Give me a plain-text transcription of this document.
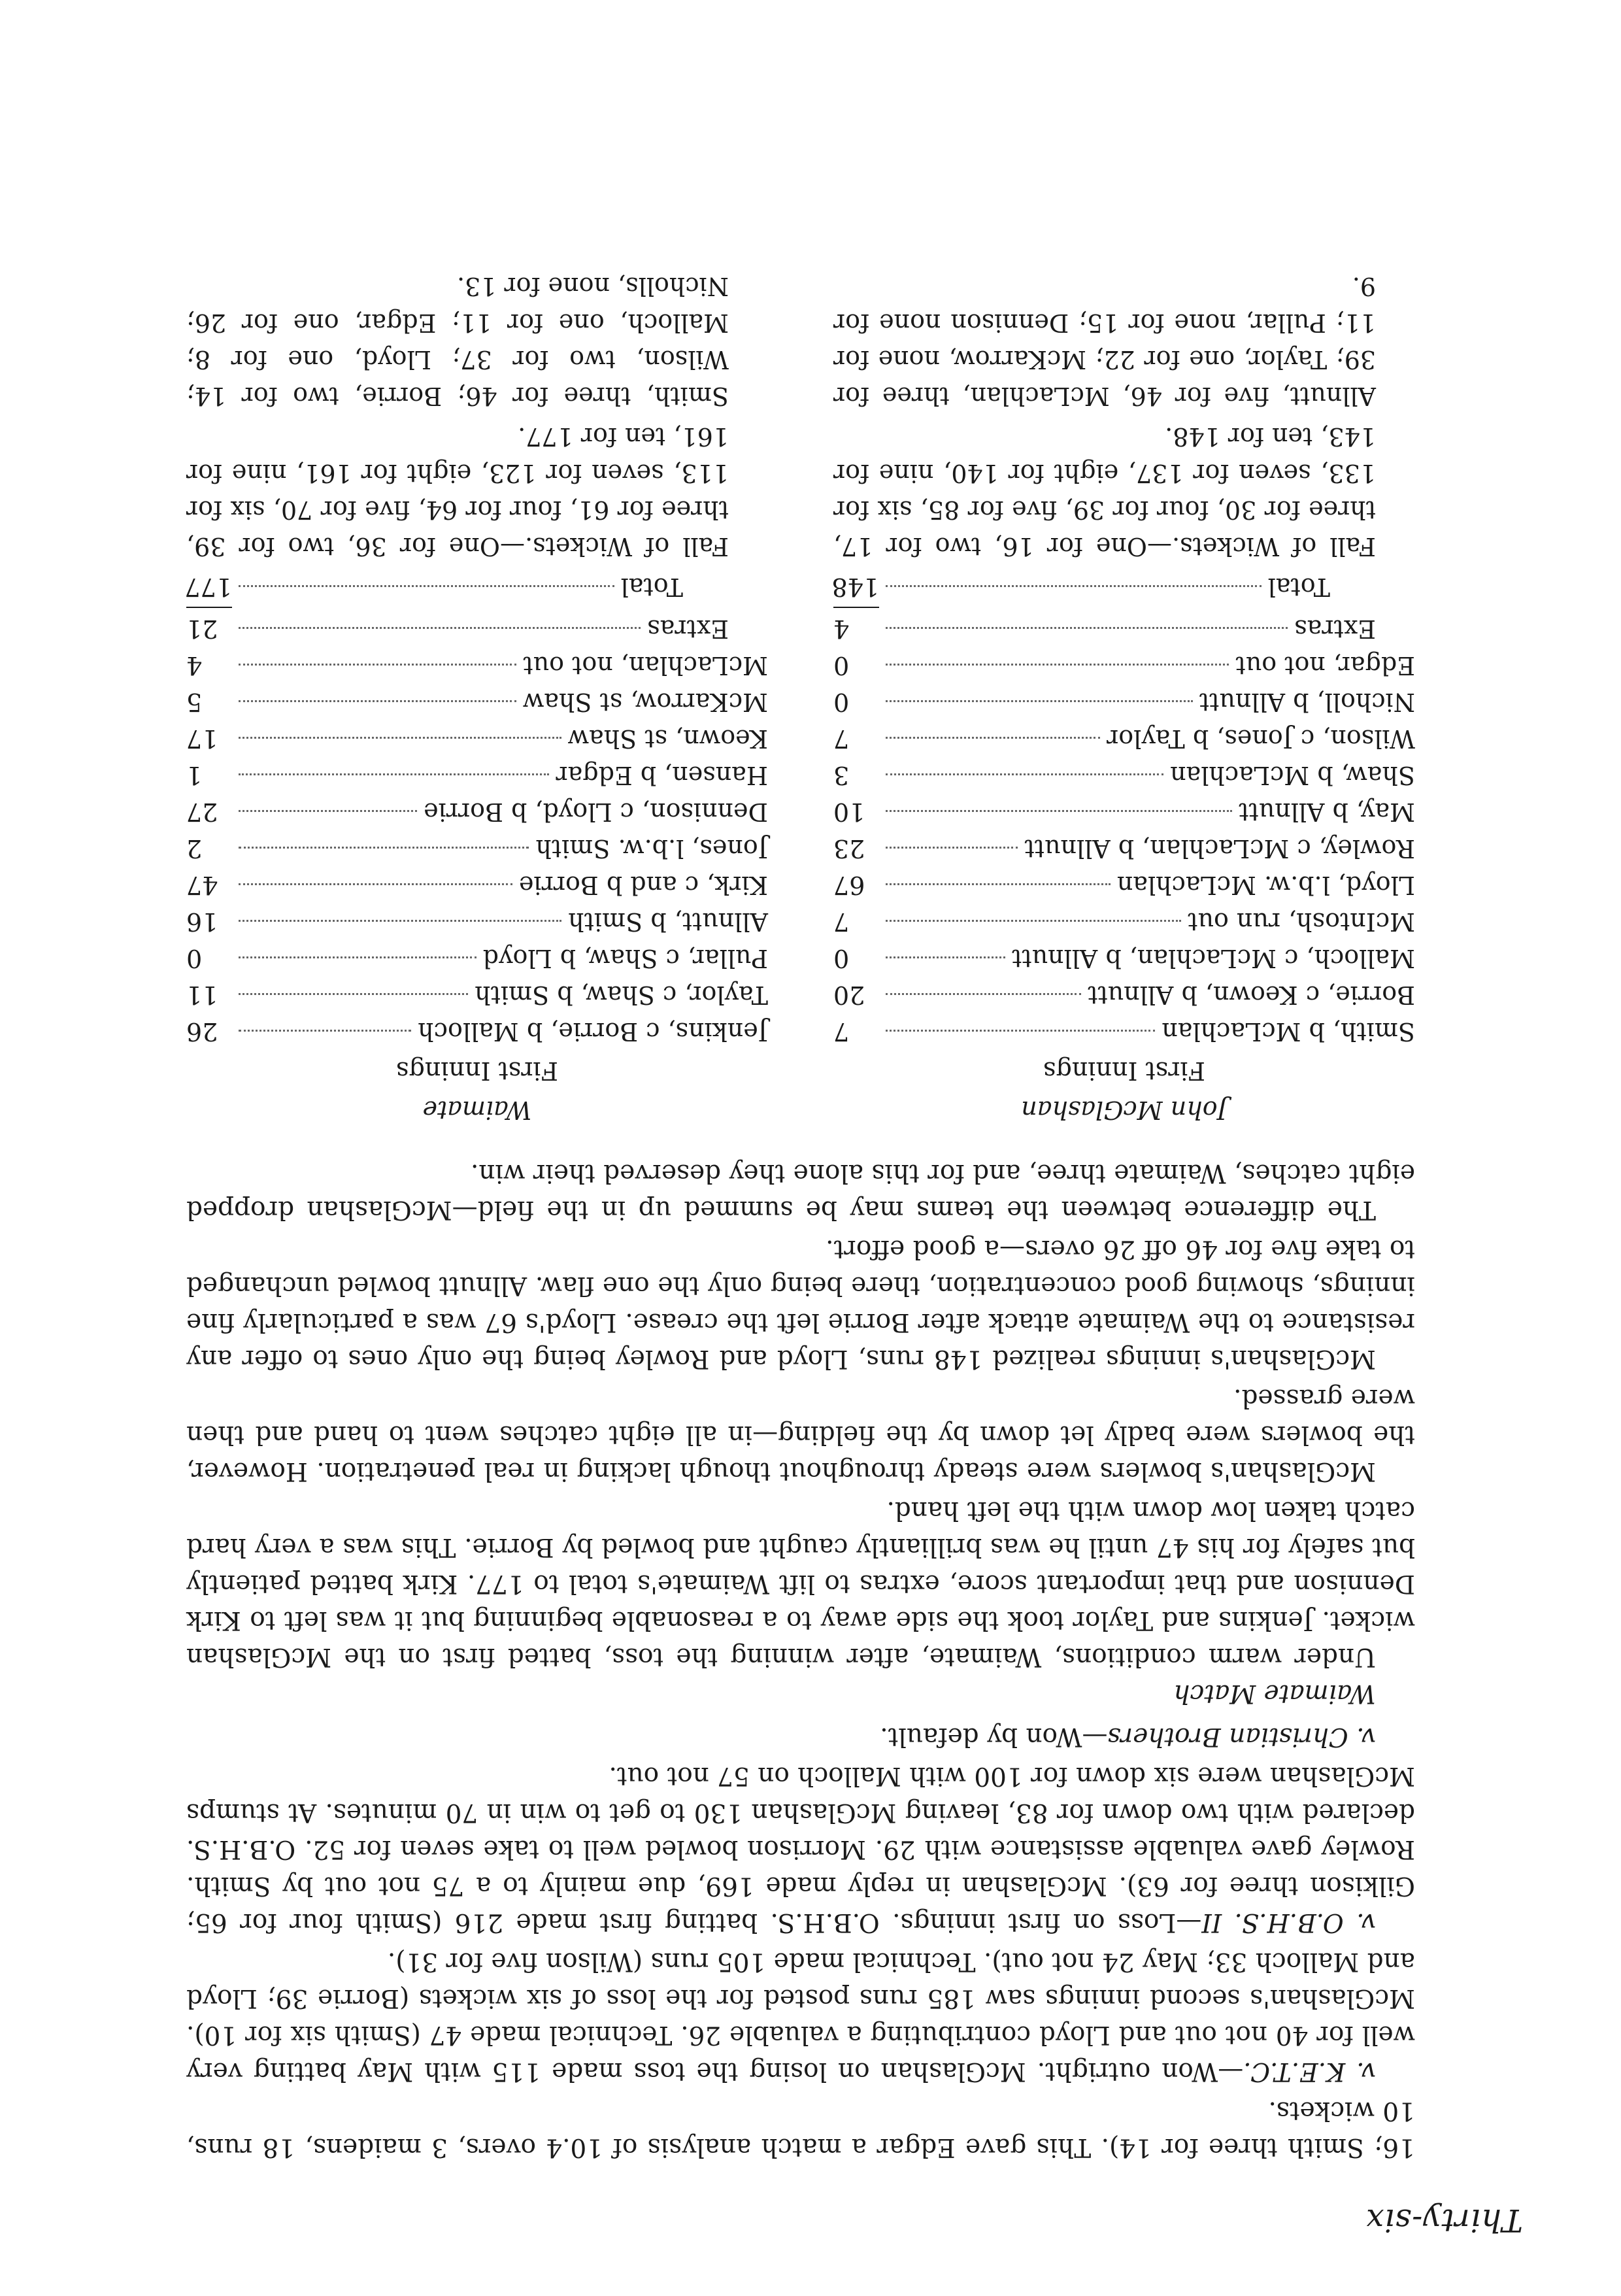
Thirty-six

16; Smith three for 14). This gave Edgar a match analysis of 10.4 overs, 3 maidens, 18 runs, 10 wickets.

v. K.E.T.C.—Won outright. McGlashan on losing the toss made 115 with May batting very well for 40 not out and Lloyd contributing a valuable 26. Technical made 47 (Smith six for 10). McGlashan's second innings saw 185 runs posted for the loss of six wickets (Borrie 39; Lloyd and Malloch 33; May 24 not out). Technical made 105 runs (Wilson five for 31).

v. O.B.H.S. II—Loss on first innings. O.B.H.S. batting first made 216 (Smith four for 65; Gilkison three for 63). McGlashan in reply made 169, due mainly to a 75 not out by Smith. Rowley gave valuable assistance with 29. Morrison bowled well to take seven for 52. O.B.H.S. declared with two down for 83, leaving McGlashan 130 to get to win in 70 minutes. At stumps McGlashan were six down for 100 with Malloch on 57 not out.

v. Christian Brothers—Won by default.

Waimate Match

Under warm conditions, Waimate, after winning the toss, batted first on the McGlashan wicket. Jenkins and Taylor took the side away to a reasonable beginning but it was left to Kirk Dennison and that important score, extras to lift Waimate's total to 177. Kirk batted patiently but safely for his 47 until he was brilliantly caught and bowled by Borrie. This was a very hard catch taken low down with the left hand.

McGlashan's bowlers were steady throughout though lacking in real penetration. However, the bowlers were badly let down by the fielding—in all eight catches went to hand and then were grassed.

McGlashan's innings realized 148 runs, Lloyd and Rowley being the only ones to offer any resistance to the Waimate attack after Borrie left the crease. Lloyd's 67 was a particularly fine innings, showing good concentration, there being only the one flaw. Allnutt bowled unchanged to take five for 46 off 26 overs—a good effort.

The difference between the teams may be summed up in the field—McGlashan dropped eight catches, Waimate three, and for this alone they deserved their win.

John McGlashan

First Innings

Smith, b McLachlan
7
Borrie, c Keown, b Allnutt
20
Malloch, c McLachlan, b Allnutt
0
McIntosh, run out
7
Lloyd, l.b.w. McLachlan
67
Rowley, c McLachlan, b Allnutt
23
May, b Allnutt
10
Shaw, b McLachlan
3
Wilson, c Jones, b Taylor
7
Nicholl, b Allnutt
0
Edgar, not out
0
Extras
4
Total
148

Fall of Wickets.—One for 16, two for 17, three for 30, four for 39, five for 85, six for 133, seven for 137, eight for 140, nine for 143, ten for 148.

Allnutt, five for 46, McLachlan, three for 39; Taylor, one for 22; McKarrow, none for 11; Pullar, none for 15; Dennison none for 9.

Waimate

First Innings

Jenkins, c Borrie, b Malloch
26
Taylor, c Shaw, b Smith
11
Pullar, c Shaw, b Lloyd
0
Allnutt, b Smith
16
Kirk, c and b Borrie
47
Jones, l.b.w. Smith
2
Dennison, c Lloyd, b Borrie
27
Hansen, b Edgar
1
Keown, st Shaw
17
McKarrow, st Shaw
5
McLachlan, not out
4
Extras
21
Total
177

Fall of Wickets.—One for 36, two for 39, three for 61, four for 64, five for 70, six for 113, seven for 123, eight for 161, nine for 161, ten for 177.

Smith, three for 46; Borrie, two for 14; Wilson, two for 37; Lloyd, one for 8; Malloch, one for 11; Edgar, one for 26; Nicholls, none for 13.
